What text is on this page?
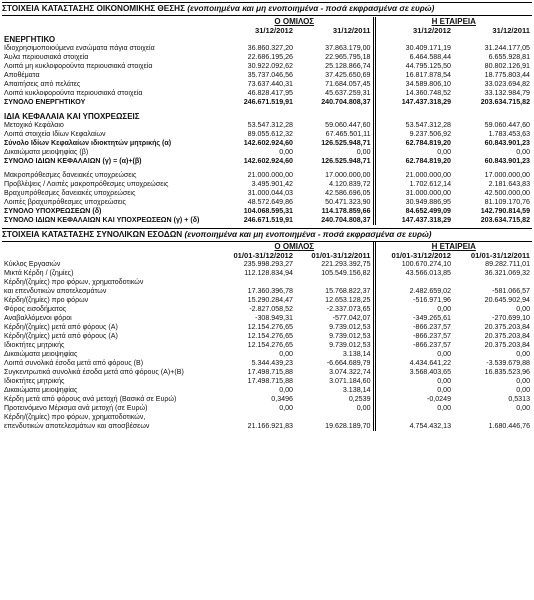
ΣΤΟΙΧΕΙΑ ΚΑΤΑΣΤΑΣΗΣ ΟΙΚΟΝΟΜΙΚΗΣ ΘΕΣΗΣ (ενοποιημένα και μη ενοποιημένα - ποσά εκφρασμένα σε ευρώ)
	Ο ΟΜΙΛΟΣ		Η ΕΤΑΙΡΕΙΑ	
	31/12/2012	31/12/2011	31/12/2012	31/12/2011
ΕΝΕΡΓΗΤΙΚΟ				
Ιδιοχρησιμοποιούμενα ενσώματα πάγια στοιχεία	36.860.327,20	37.863.179,00	30.409.171,19	31.244.177,05
Άυλα περιουσιακά στοιχεία	22.686.195,26	22.965.795,18	6.464.588,44	6.655.928,81
Λοιπά μη κυκλοφορούντα περιουσιακά στοιχεία	30.922.092,62	25.128.866,74	44.795.125,50	80.802.126,91
Αποθέματα	35.737.046,56	37.425.650,69	16.817.878,54	18.775.803,44
Απαιτήσεις από πελάτες	73.637.440,31	71.684.057,45	34.589.806,10	33.023.694,82
Λοιπά κυκλοφορούντα περιουσιακά στοιχεία	46.828.417,95	45.637.259,31	14.360.748,52	33.132.984,79
ΣΥΝΟΛΟ ΕΝΕΡΓΗΤΙΚΟΥ	246.671.519,91	240.704.808,37	147.437.318,29	203.634.715,82

ΙΔΙΑ ΚΕΦΑΛΑΙΑ ΚΑΙ ΥΠΟΧΡΕΩΣΕΙΣ				
Μετοχικό Κεφάλαιο	53.547.312,28	59.060.447,60	53.547.312,28	59.060.447,60
Λοιπά στοιχεία Ιδίων Κεφαλαίων	89.055.612,32	67.465.501,11	9.237.506,92	1.783.453,63
Σύνολο Ιδίων Κεφαλαίων ιδιοκτητών μητρικής (α)	142.602.924,60	126.525.948,71	62.784.819,20	60.843.901,23
Δικαιώματα μειοψηφίας (β)	0,00	0,00	0,00	0,00
ΣΥΝΟΛΟ ΙΔΙΩΝ ΚΕΦΑΛΑΙΩΝ (γ) = (α)+(β)	142.602.924,60	126.525.948,71	62.784.819,20	60.843.901,23

Μακροπρόθεσμες δανειακές υποχρεώσεις	21.000.000,00	17.000.000,00	21.000.000,00	17.000.000,00
Προβλέψεις / Λοιπές μακροπρόθεσμες υποχρεώσεις	3.495.901,42	4.120.839,72	1.702.612,14	2.181.643,83
Βραχυπρόθεσμες δανειακές υποχρεώσεις	31.000.044,03	42.586.696,05	31.000.000,00	42.500.000,00
Λοιπές βραχυπρόθεσμες υποχρεώσεις	48.572.649,86	50.471.323,90	30.949.886,95	81.109.170,76
ΣΥΝΟΛΟ ΥΠΟΧΡΕΩΣΕΩΝ (δ)	104.068.595,31	114.178.859,66	84.652.499,09	142.790.814,59
ΣΥΝΟΛΟ ΙΔΙΩΝ ΚΕΦΑΛΑΙΩΝ ΚΑΙ ΥΠΟΧΡΕΩΣΕΩΝ (γ) + (δ)	246.671.519,91	240.704.808,37	147.437.318,29	203.634.715,82
ΣΤΟΙΧΕΙΑ ΚΑΤΑΣΤΑΣΗΣ ΣΥΝΟΛΙΚΩΝ ΕΣΟΔΩΝ (ενοποιημένα και μη ενοποιημένα - ποσά εκφρασμένα σε ευρώ)
	Ο ΟΜΙΛΟΣ		Η ΕΤΑΙΡΕΙΑ	
	01/01-31/12/2012	01/01-31/12/2011	01/01-31/12/2012	01/01-31/12/2011
Κύκλος Εργασιών	235.998.293,27	221.293.392,75	100.670.274,10	89.282.711,01
Μικτά Κέρδη / (ζημίες)	112.128.834,94	105.549.156,82	43.566.013,85	36.321.069,32
Κέρδη/(ζημίες) προ φόρων, χρηματοδοτικών				
και επενδυτικών αποτελεσμάτων	17.360.396,78	15.768.822,37	2.482.659,02	-581.066,57
Κέρδη/(ζημίες) προ φόρων	15.290.284,47	12.653.128,25	-516.971,96	20.645.902,94
Φόρος εισοδήματος	-2.827.058,52	-2.337.073,65	0,00	0,00
Αναβαλλόμενοι φόροι	-308.949,31	-577.042,07	-349.265,61	-270.699,10
Κέρδη/(ζημίες) μετά από φόρους (Α)	12.154.276,65	9.739.012,53	-866.237,57	20.375.203,84
Κέρδη/(ζημίες) μετά από φόρους (Α)	12.154.276,65	9.739.012,53	-866.237,57	20.375.203,84
Ιδιοκτήτες μητρικής	12.154.276,65	9.739.012,53	-866.237,57	20.375.203,84
Δικαιώματα μειοψηφίας	0,00	3.138,14	0,00	0,00
Λοιπά συνολικά έσοδα μετά από φόρους (Β)	5.344.439,23	-6.664.689,79	4.434.641,22	-3.539.679,88
Συγκεντρωτικά συνολικά έσοδα μετά από φόρους (Α)+(Β)	17.498.715,88	3.074.322,74	3.568.403,65	16.835.523,96
Ιδιοκτήτες μητρικής	17.498.715,88	3.071.184,60	0,00	0,00
Δικαιώματα μειοψηφίας	0,00	3.138,14	0,00	0,00
Κέρδη μετά από φόρους ανά μετοχή (Βασικά σε Ευρώ)	0,3496	0,2539	-0,0249	0,5313
Προτεινόμενο Μέρισμα ανά μετοχή (σε Ευρώ)	0,00	0,00	0,00	0,00
Κέρδη/(ζημίες) προ φόρων, χρηματοδοτικών,				
επενδυτικών αποτελεσμάτων και αποσβέσεων	21.166.921,83	19.628.189,70	4.754.432,13	1.680.446,76
